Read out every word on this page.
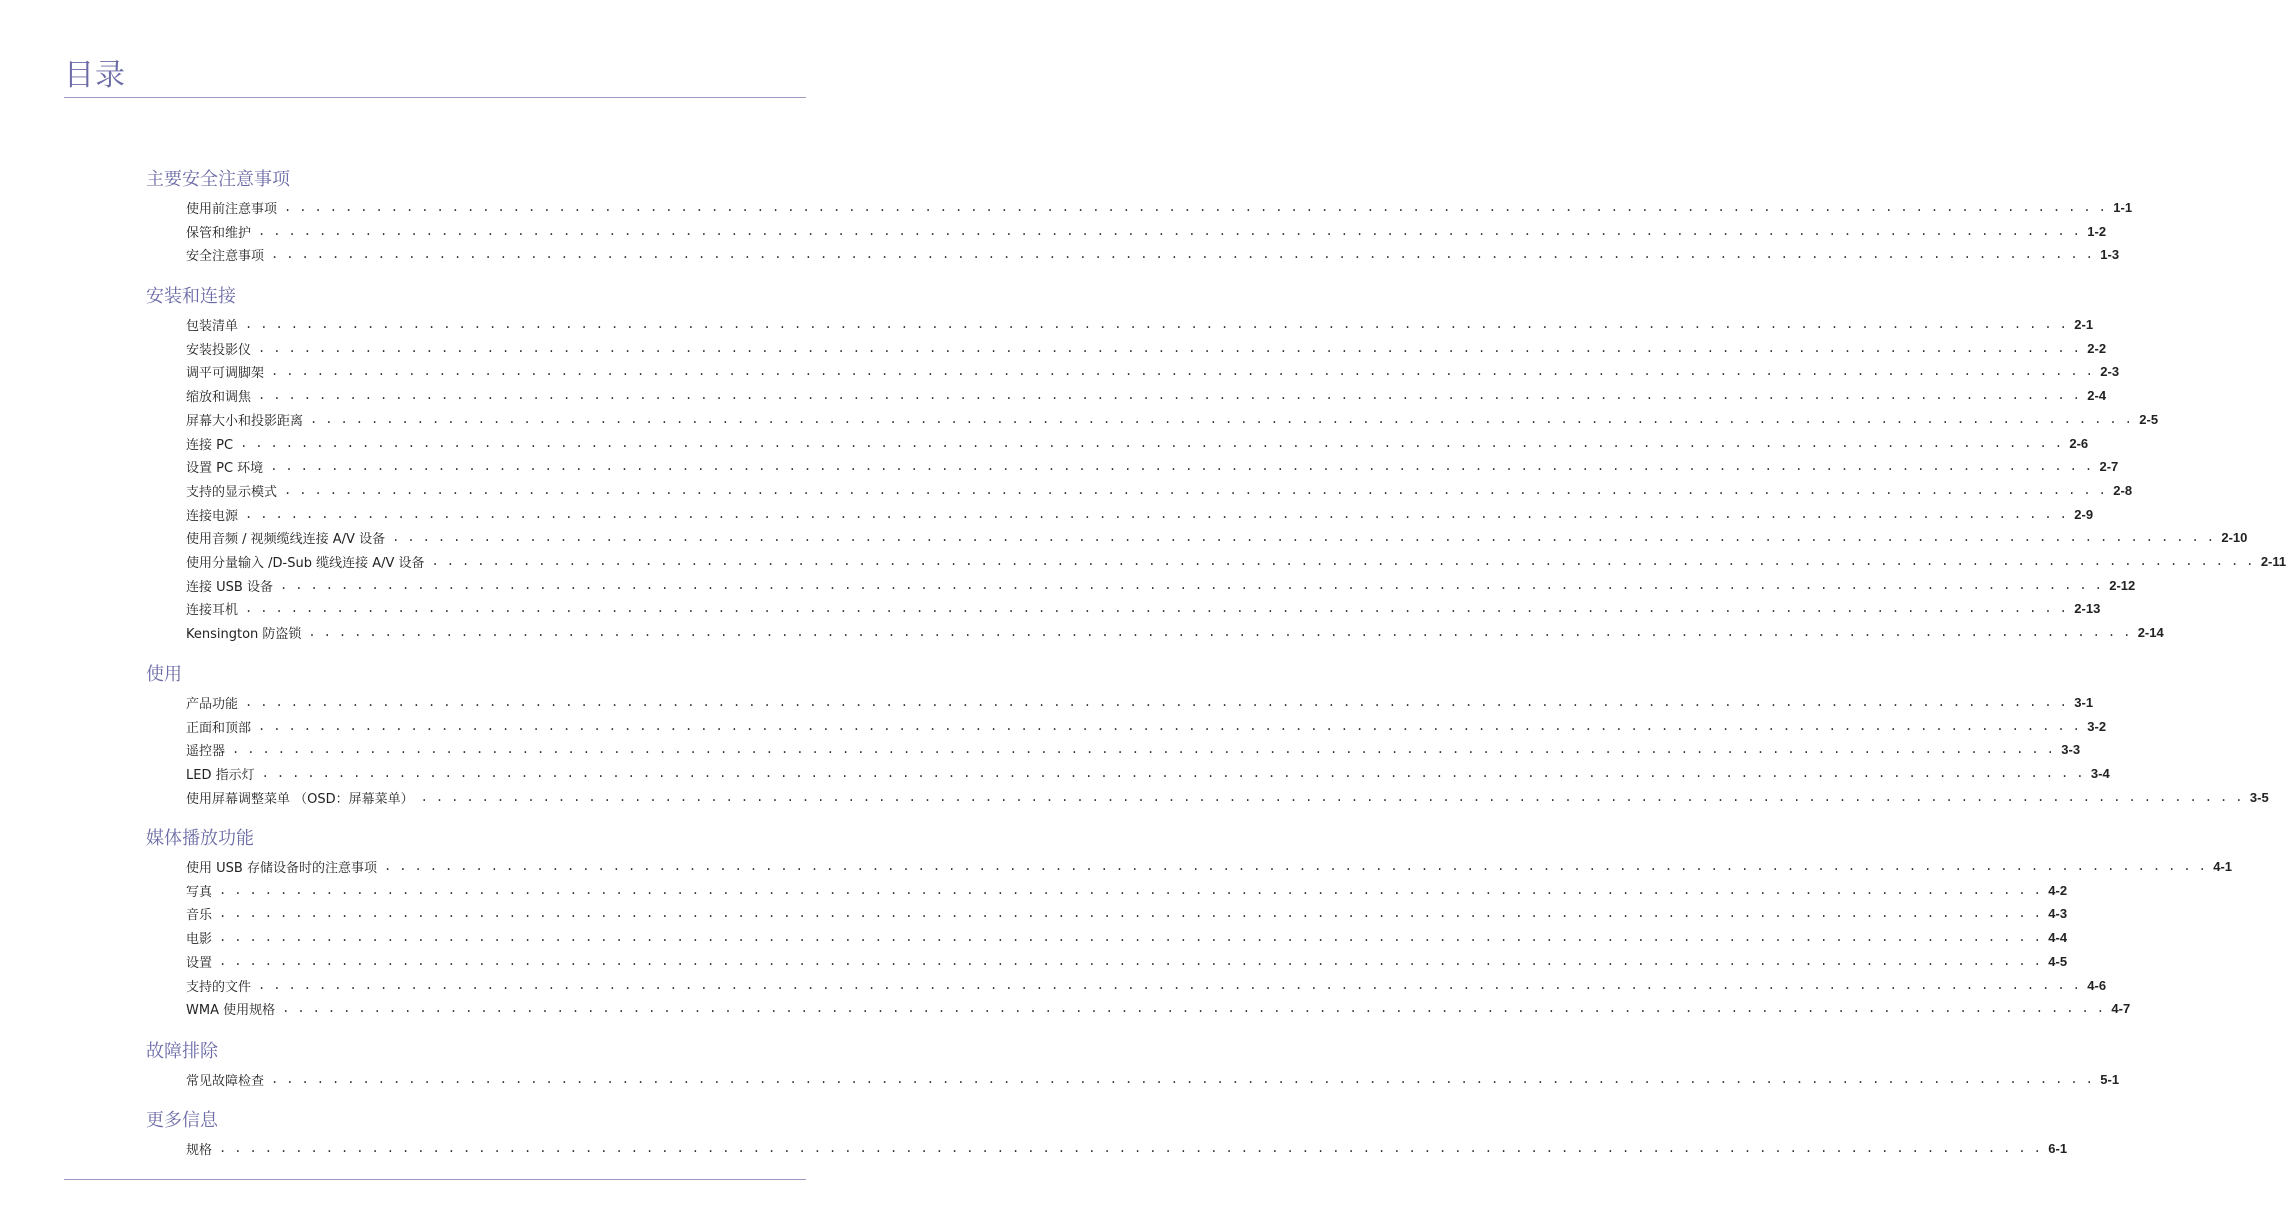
目录
主要安全注意事项
使用前注意事项 . . . . . . . . . . . . . . . . . . . . . . . . . . . . . . . . . . . . . . . . . . . . . . . . . . . . . . . . . . . . . . . . . . . . . . . . . . . . . . . . . . . . . . . . . . . . . . . . . . . . . . . . . . . . . . . . . . . . . . . . 1-1
保管和维护 . . . . . . . . . . . . . . . . . . . . . . . . . . . . . . . . . . . . . . . . . . . . . . . . . . . . . . . . . . . . . . . . . . . . . . . . . . . . . . . . . . . . . . . . . . . . . . . . . . . . . . . . . . . . . . . . . . . . . . . . 1-2
安全注意事项 . . . . . . . . . . . . . . . . . . . . . . . . . . . . . . . . . . . . . . . . . . . . . . . . . . . . . . . . . . . . . . . . . . . . . . . . . . . . . . . . . . . . . . . . . . . . . . . . . . . . . . . . . . . . . . . . . . . . . . . . 1-3
安装和连接
包装清单 . . . . . . . . . . . . . . . . . . . . . . . . . . . . . . . . . . . . . . . . . . . . . . . . . . . . . . . . . . . . . . . . . . . . . . . . . . . . . . . . . . . . . . . . . . . . . . . . . . . . . . . . . . . . . . . . . . . . . . . . 2-1
安装投影仪 . . . . . . . . . . . . . . . . . . . . . . . . . . . . . . . . . . . . . . . . . . . . . . . . . . . . . . . . . . . . . . . . . . . . . . . . . . . . . . . . . . . . . . . . . . . . . . . . . . . . . . . . . . . . . . . . . . . . . . . . 2-2
调平可调脚架 . . . . . . . . . . . . . . . . . . . . . . . . . . . . . . . . . . . . . . . . . . . . . . . . . . . . . . . . . . . . . . . . . . . . . . . . . . . . . . . . . . . . . . . . . . . . . . . . . . . . . . . . . . . . . . . . . . . . . . . . 2-3
缩放和调焦 . . . . . . . . . . . . . . . . . . . . . . . . . . . . . . . . . . . . . . . . . . . . . . . . . . . . . . . . . . . . . . . . . . . . . . . . . . . . . . . . . . . . . . . . . . . . . . . . . . . . . . . . . . . . . . . . . . . . . . . . 2-4
屏幕大小和投影距离 . . . . . . . . . . . . . . . . . . . . . . . . . . . . . . . . . . . . . . . . . . . . . . . . . . . . . . . . . . . . . . . . . . . . . . . . . . . . . . . . . . . . . . . . . . . . . . . . . . . . . . . . . . . . . . . . . . . . . . . . 2-5
连接 PC . . . . . . . . . . . . . . . . . . . . . . . . . . . . . . . . . . . . . . . . . . . . . . . . . . . . . . . . . . . . . . . . . . . . . . . . . . . . . . . . . . . . . . . . . . . . . . . . . . . . . . . . . . . . . . . . . . . . . . . . 2-6
设置 PC 环境 . . . . . . . . . . . . . . . . . . . . . . . . . . . . . . . . . . . . . . . . . . . . . . . . . . . . . . . . . . . . . . . . . . . . . . . . . . . . . . . . . . . . . . . . . . . . . . . . . . . . . . . . . . . . . . . . . . . . . . . . 2-7
支持的显示模式 . . . . . . . . . . . . . . . . . . . . . . . . . . . . . . . . . . . . . . . . . . . . . . . . . . . . . . . . . . . . . . . . . . . . . . . . . . . . . . . . . . . . . . . . . . . . . . . . . . . . . . . . . . . . . . . . . . . . . . . . 2-8
连接电源 . . . . . . . . . . . . . . . . . . . . . . . . . . . . . . . . . . . . . . . . . . . . . . . . . . . . . . . . . . . . . . . . . . . . . . . . . . . . . . . . . . . . . . . . . . . . . . . . . . . . . . . . . . . . . . . . . . . . . . . . 2-9
使用音频 / 视频缆线连接 A/V 设备 . . . . . . . . . . . . . . . . . . . . . . . . . . . . . . . . . . . . . . . . . . . . . . . . . . . . . . . . . . . . . . . . . . . . . . . . . . . . . . . . . . . . . . . . . . . . . . . . . . . . . . . . . . . . . . . . . . . . . . . . 2-10
使用分量输入 /D-Sub 缆线连接 A/V 设备 . . . . . . . . . . . . . . . . . . . . . . . . . . . . . . . . . . . . . . . . . . . . . . . . . . . . . . . . . . . . . . . . . . . . . . . . . . . . . . . . . . . . . . . . . . . . . . . . . . . . . . . . . . . . . . . . . . . . . . . . 2-11
连接 USB 设备 . . . . . . . . . . . . . . . . . . . . . . . . . . . . . . . . . . . . . . . . . . . . . . . . . . . . . . . . . . . . . . . . . . . . . . . . . . . . . . . . . . . . . . . . . . . . . . . . . . . . . . . . . . . . . . . . . . . . . . . . 2-12
连接耳机 . . . . . . . . . . . . . . . . . . . . . . . . . . . . . . . . . . . . . . . . . . . . . . . . . . . . . . . . . . . . . . . . . . . . . . . . . . . . . . . . . . . . . . . . . . . . . . . . . . . . . . . . . . . . . . . . . . . . . . . . 2-13
Kensington 防盗锁 . . . . . . . . . . . . . . . . . . . . . . . . . . . . . . . . . . . . . . . . . . . . . . . . . . . . . . . . . . . . . . . . . . . . . . . . . . . . . . . . . . . . . . . . . . . . . . . . . . . . . . . . . . . . . . . . . . . . . . . . 2-14
使用
产品功能 . . . . . . . . . . . . . . . . . . . . . . . . . . . . . . . . . . . . . . . . . . . . . . . . . . . . . . . . . . . . . . . . . . . . . . . . . . . . . . . . . . . . . . . . . . . . . . . . . . . . . . . . . . . . . . . . . . . . . . . . 3-1
正面和顶部 . . . . . . . . . . . . . . . . . . . . . . . . . . . . . . . . . . . . . . . . . . . . . . . . . . . . . . . . . . . . . . . . . . . . . . . . . . . . . . . . . . . . . . . . . . . . . . . . . . . . . . . . . . . . . . . . . . . . . . . . 3-2
遥控器 . . . . . . . . . . . . . . . . . . . . . . . . . . . . . . . . . . . . . . . . . . . . . . . . . . . . . . . . . . . . . . . . . . . . . . . . . . . . . . . . . . . . . . . . . . . . . . . . . . . . . . . . . . . . . . . . . . . . . . . . 3-3
LED 指示灯 . . . . . . . . . . . . . . . . . . . . . . . . . . . . . . . . . . . . . . . . . . . . . . . . . . . . . . . . . . . . . . . . . . . . . . . . . . . . . . . . . . . . . . . . . . . . . . . . . . . . . . . . . . . . . . . . . . . . . . . . 3-4
使用屏幕调整菜单 （OSD：屏幕菜单） . . . . . . . . . . . . . . . . . . . . . . . . . . . . . . . . . . . . . . . . . . . . . . . . . . . . . . . . . . . . . . . . . . . . . . . . . . . . . . . . . . . . . . . . . . . . . . . . . . . . . . . . . . . . . . . . . . . . . . . . 3-5
媒体播放功能
使用 USB 存储设备时的注意事项 . . . . . . . . . . . . . . . . . . . . . . . . . . . . . . . . . . . . . . . . . . . . . . . . . . . . . . . . . . . . . . . . . . . . . . . . . . . . . . . . . . . . . . . . . . . . . . . . . . . . . . . . . . . . . . . . . . . . . . . . 4-1
写真 . . . . . . . . . . . . . . . . . . . . . . . . . . . . . . . . . . . . . . . . . . . . . . . . . . . . . . . . . . . . . . . . . . . . . . . . . . . . . . . . . . . . . . . . . . . . . . . . . . . . . . . . . . . . . . . . . . . . . . . . 4-2
音乐 . . . . . . . . . . . . . . . . . . . . . . . . . . . . . . . . . . . . . . . . . . . . . . . . . . . . . . . . . . . . . . . . . . . . . . . . . . . . . . . . . . . . . . . . . . . . . . . . . . . . . . . . . . . . . . . . . . . . . . . . 4-3
电影 . . . . . . . . . . . . . . . . . . . . . . . . . . . . . . . . . . . . . . . . . . . . . . . . . . . . . . . . . . . . . . . . . . . . . . . . . . . . . . . . . . . . . . . . . . . . . . . . . . . . . . . . . . . . . . . . . . . . . . . . 4-4
设置 . . . . . . . . . . . . . . . . . . . . . . . . . . . . . . . . . . . . . . . . . . . . . . . . . . . . . . . . . . . . . . . . . . . . . . . . . . . . . . . . . . . . . . . . . . . . . . . . . . . . . . . . . . . . . . . . . . . . . . . . 4-5
支持的文件 . . . . . . . . . . . . . . . . . . . . . . . . . . . . . . . . . . . . . . . . . . . . . . . . . . . . . . . . . . . . . . . . . . . . . . . . . . . . . . . . . . . . . . . . . . . . . . . . . . . . . . . . . . . . . . . . . . . . . . . . 4-6
WMA 使用规格 . . . . . . . . . . . . . . . . . . . . . . . . . . . . . . . . . . . . . . . . . . . . . . . . . . . . . . . . . . . . . . . . . . . . . . . . . . . . . . . . . . . . . . . . . . . . . . . . . . . . . . . . . . . . . . . . . . . . . . . . 4-7
故障排除
常见故障检查 . . . . . . . . . . . . . . . . . . . . . . . . . . . . . . . . . . . . . . . . . . . . . . . . . . . . . . . . . . . . . . . . . . . . . . . . . . . . . . . . . . . . . . . . . . . . . . . . . . . . . . . . . . . . . . . . . . . . . . . . 5-1
更多信息
规格 . . . . . . . . . . . . . . . . . . . . . . . . . . . . . . . . . . . . . . . . . . . . . . . . . . . . . . . . . . . . . . . . . . . . . . . . . . . . . . . . . . . . . . . . . . . . . . . . . . . . . . . . . . . . . . . . . . . . . . . . 6-1
